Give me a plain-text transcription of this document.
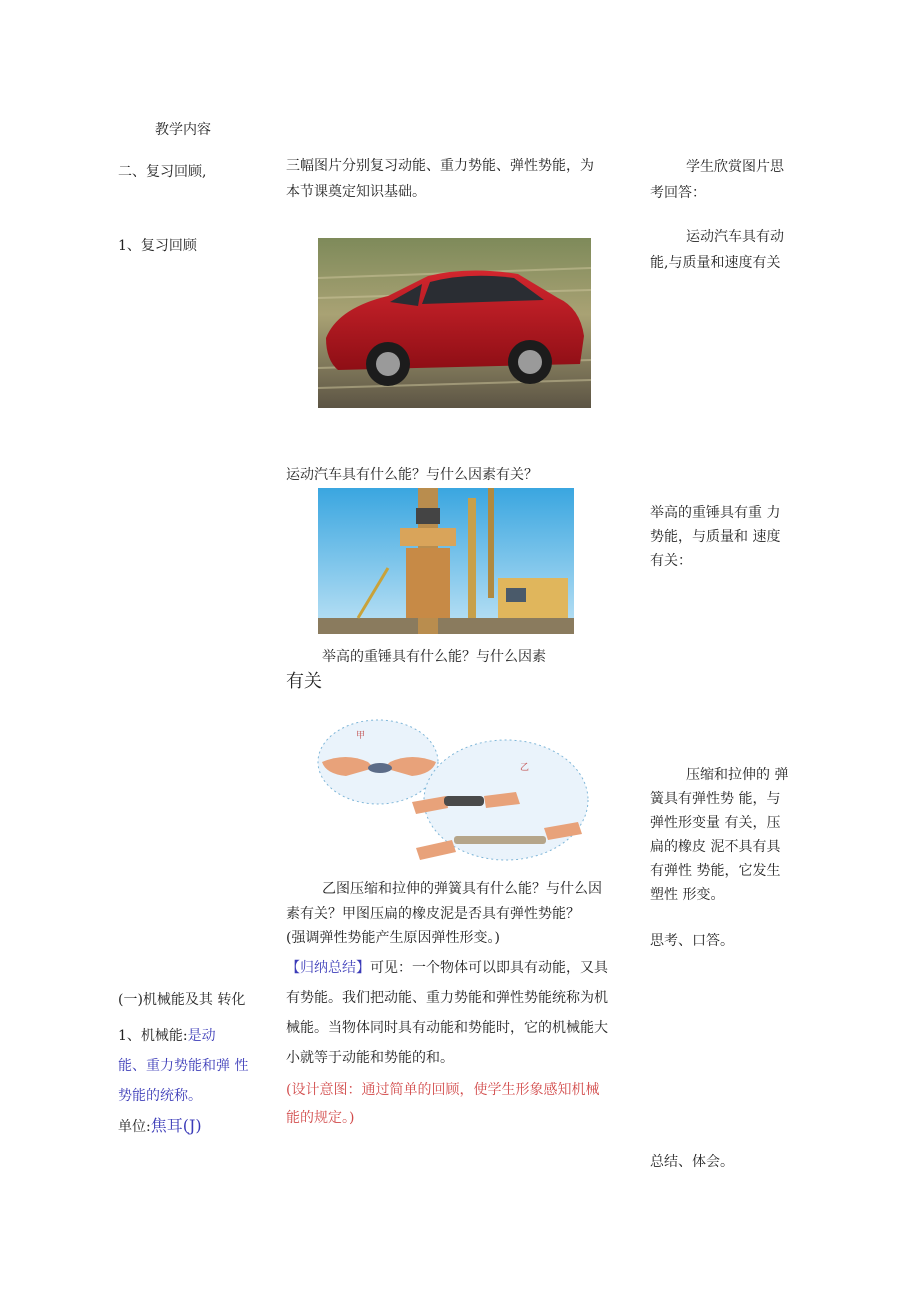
教学内容
二、复习回顾,
1、复习回顾
(一)机械能及其 转化
1、机械能:是动
能、重力势能和弹 性
势能的统称。
单位:焦耳(J)
三幅图片分别复习动能、重力势能、弹性势能，为
本节课奠定知识基础。
运动汽车具有什么能？与什么因素有关？
举高的重锤具有什么能？与什么因素
有关
甲
乙
乙图压缩和拉伸的弹簧具有什么能？与什么因
素有关？甲图压扁的橡皮泥是否具有弹性势能？
(强调弹性势能产生原因弹性形变。)
【归纳总结】可见：一个物体可以即具有动能，又具
有势能。我们把动能、重力势能和弹性势能统称为机
械能。当物体同时具有动能和势能时，它的机械能大
小就等于动能和势能的和。
(设计意图：通过简单的回顾，使学生形象感知机械
能的规定。)
学生欣赏图片思
考回答：
运动汽车具有动
能,与质量和速度有关
举高的重锤具有重 力
势能，与质量和 速度
有关：
压缩和拉伸的 弹
簧具有弹性势 能，与
弹性形变量 有关，压
扁的橡皮 泥不具有具
有弹性 势能，它发生
塑性 形变。
思考、口答。
总结、体会。
